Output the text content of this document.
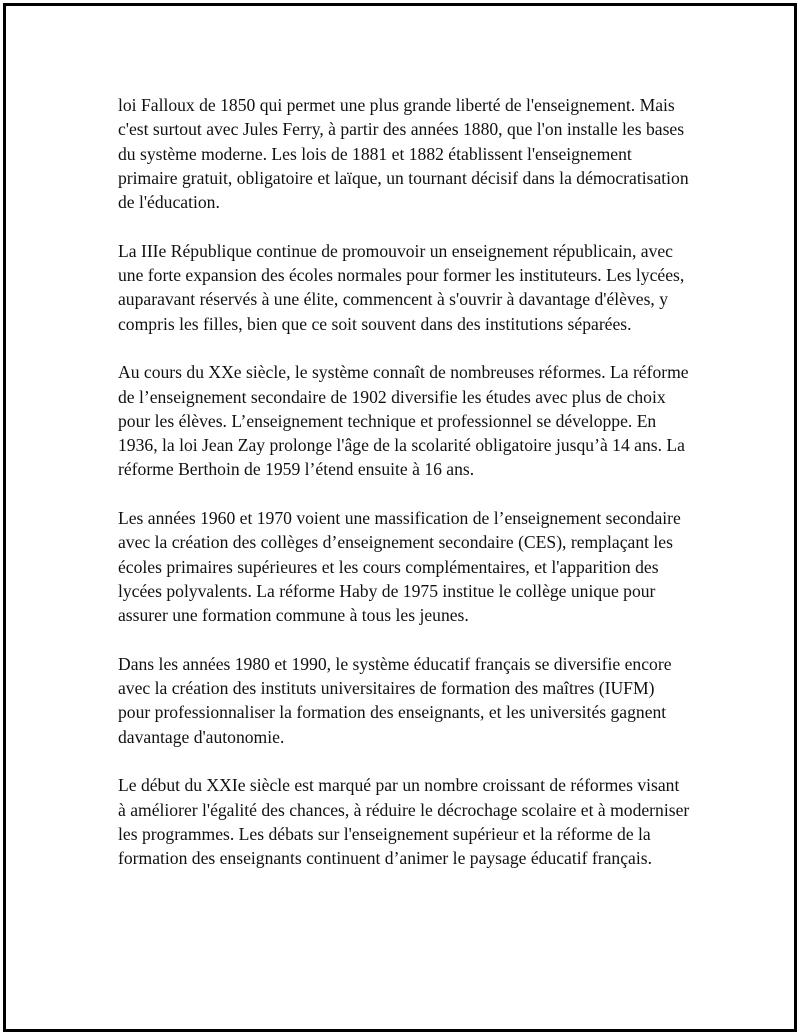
loi Falloux de 1850 qui permet une plus grande liberté de l'enseignement. Mais c'est surtout avec Jules Ferry, à partir des années 1880, que l'on installe les bases du système moderne. Les lois de 1881 et 1882 établissent l'enseignement primaire gratuit, obligatoire et laïque, un tournant décisif dans la démocratisation de l'éducation.

La IIIe République continue de promouvoir un enseignement républicain, avec une forte expansion des écoles normales pour former les instituteurs. Les lycées, auparavant réservés à une élite, commencent à s'ouvrir à davantage d'élèves, y compris les filles, bien que ce soit souvent dans des institutions séparées.

Au cours du XXe siècle, le système connaît de nombreuses réformes. La réforme de l’enseignement secondaire de 1902 diversifie les études avec plus de choix pour les élèves. L’enseignement technique et professionnel se développe. En 1936, la loi Jean Zay prolonge l'âge de la scolarité obligatoire jusqu’à 14 ans. La réforme Berthoin de 1959 l’étend ensuite à 16 ans.

Les années 1960 et 1970 voient une massification de l’enseignement secondaire avec la création des collèges d’enseignement secondaire (CES), remplaçant les écoles primaires supérieures et les cours complémentaires, et l'apparition des lycées polyvalents. La réforme Haby de 1975 institue le collège unique pour assurer une formation commune à tous les jeunes.

Dans les années 1980 et 1990, le système éducatif français se diversifie encore avec la création des instituts universitaires de formation des maîtres (IUFM) pour professionnaliser la formation des enseignants, et les universités gagnent davantage d'autonomie.

Le début du XXIe siècle est marqué par un nombre croissant de réformes visant à améliorer l'égalité des chances, à réduire le décrochage scolaire et à moderniser les programmes. Les débats sur l'enseignement supérieur et la réforme de la formation des enseignants continuent d’animer le paysage éducatif français.
